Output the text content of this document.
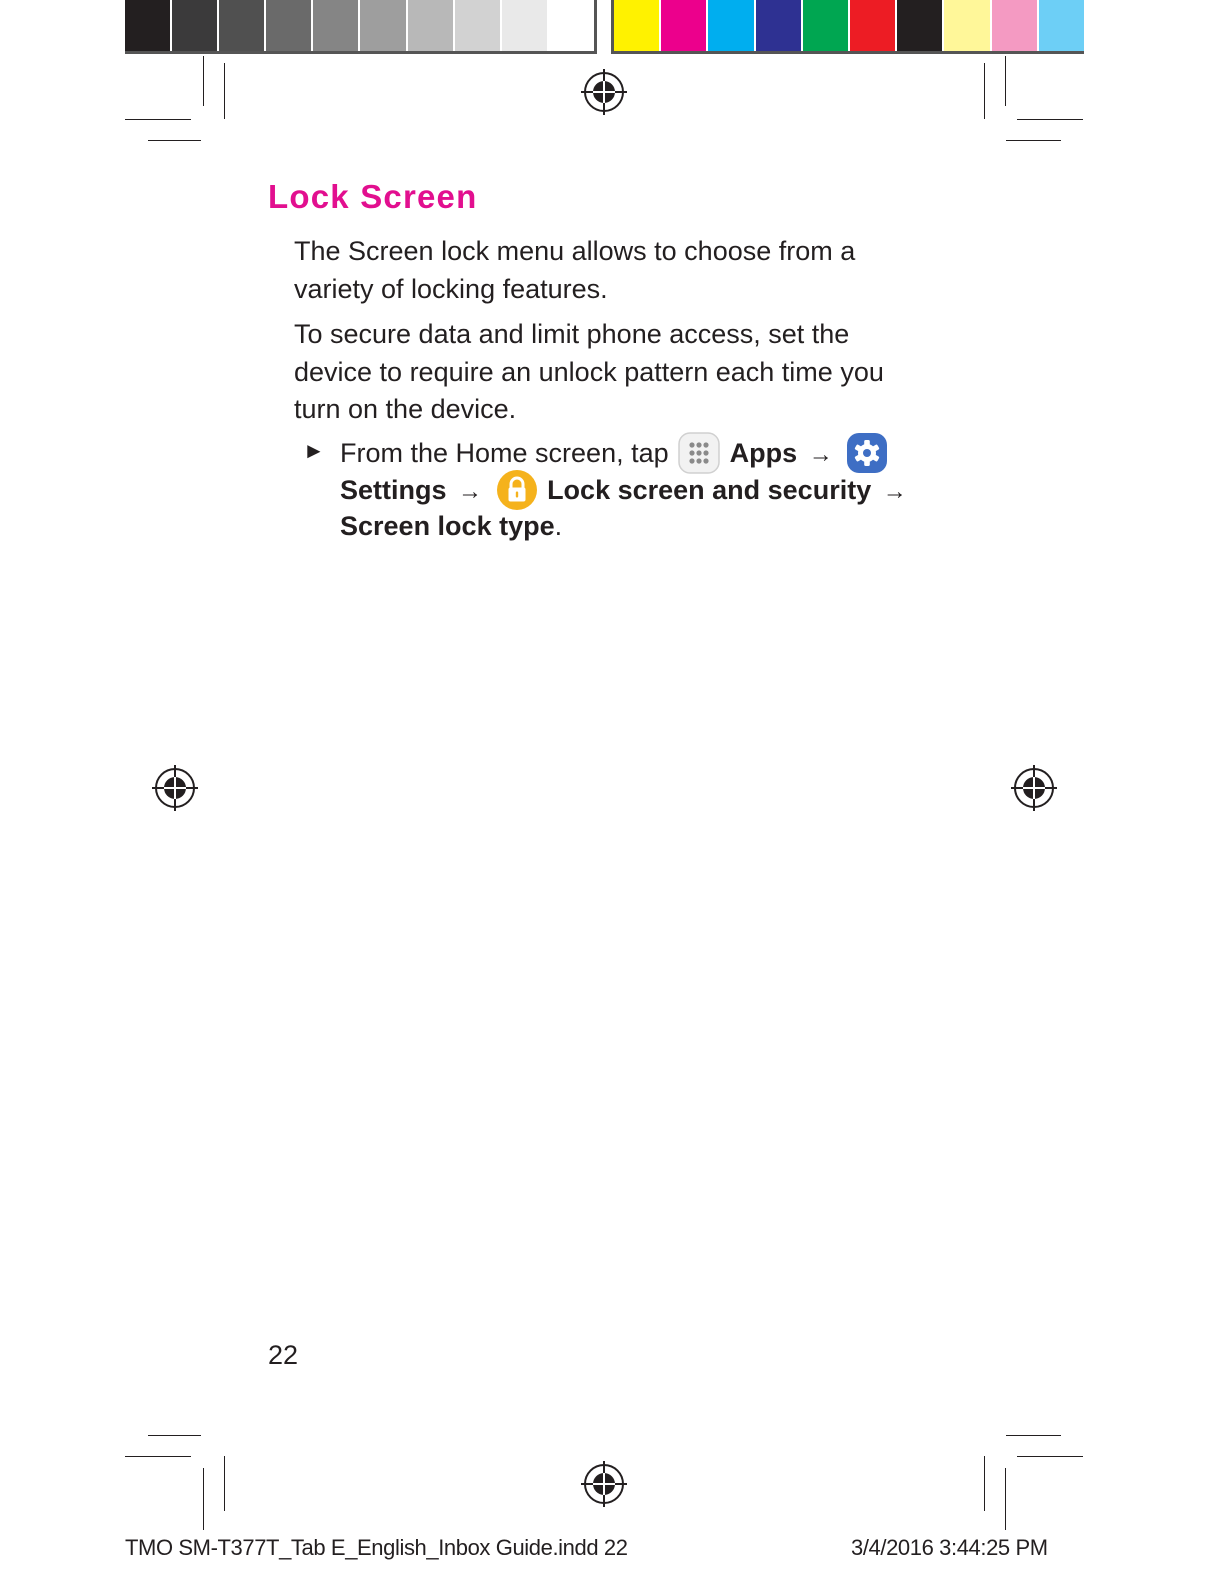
Lock Screen

The Screen lock menu allows to choose from a
variety of locking features.

To secure data and limit phone access, set the
device to require an unlock pattern each time you
turn on the device.

► From the Home screen, tap Apps →
Settings → Lock screen and security →
Screen lock type.
22
TMO SM-T377T_Tab E_English_Inbox Guide.indd 22	3/4/2016 3:44:25 PM
